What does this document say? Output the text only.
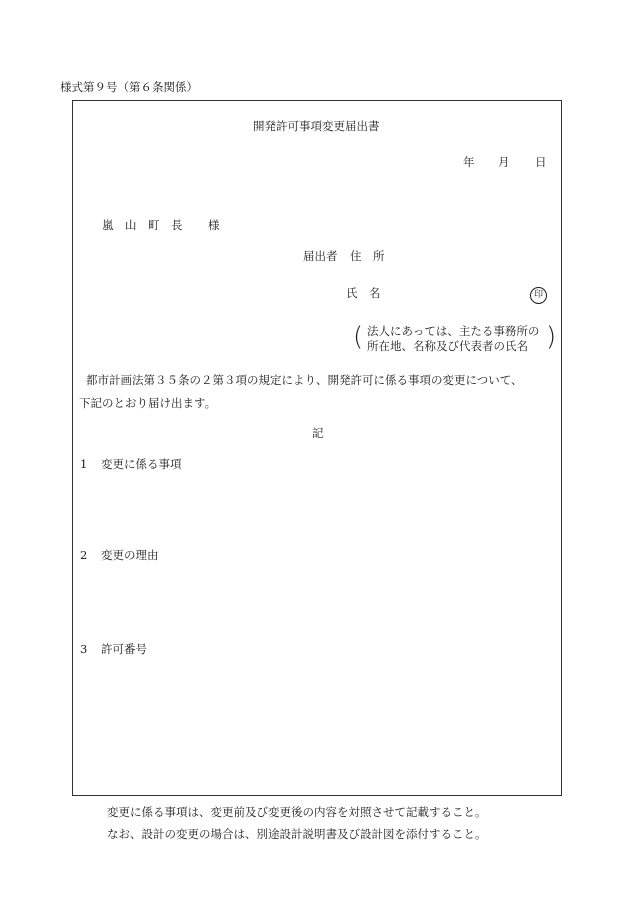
様式第９号（第６条関係）
開発許可事項変更届出書
年 月 日
嵐　山　町　長 様
届出者 住　所
氏　名	印
( 法人にあっては、主たる事務所の
所在地、名称及び代表者の氏名 )
都市計画法第３５条の２第３項の規定により、開発許可に係る事項の変更について、
下記のとおり届け出ます。
記
1 変更に係る事項
2 変更の理由
3 許可番号
変更に係る事項は、変更前及び変更後の内容を対照させて記載すること。
なお、設計の変更の場合は、別途設計説明書及び設計図を添付すること。
